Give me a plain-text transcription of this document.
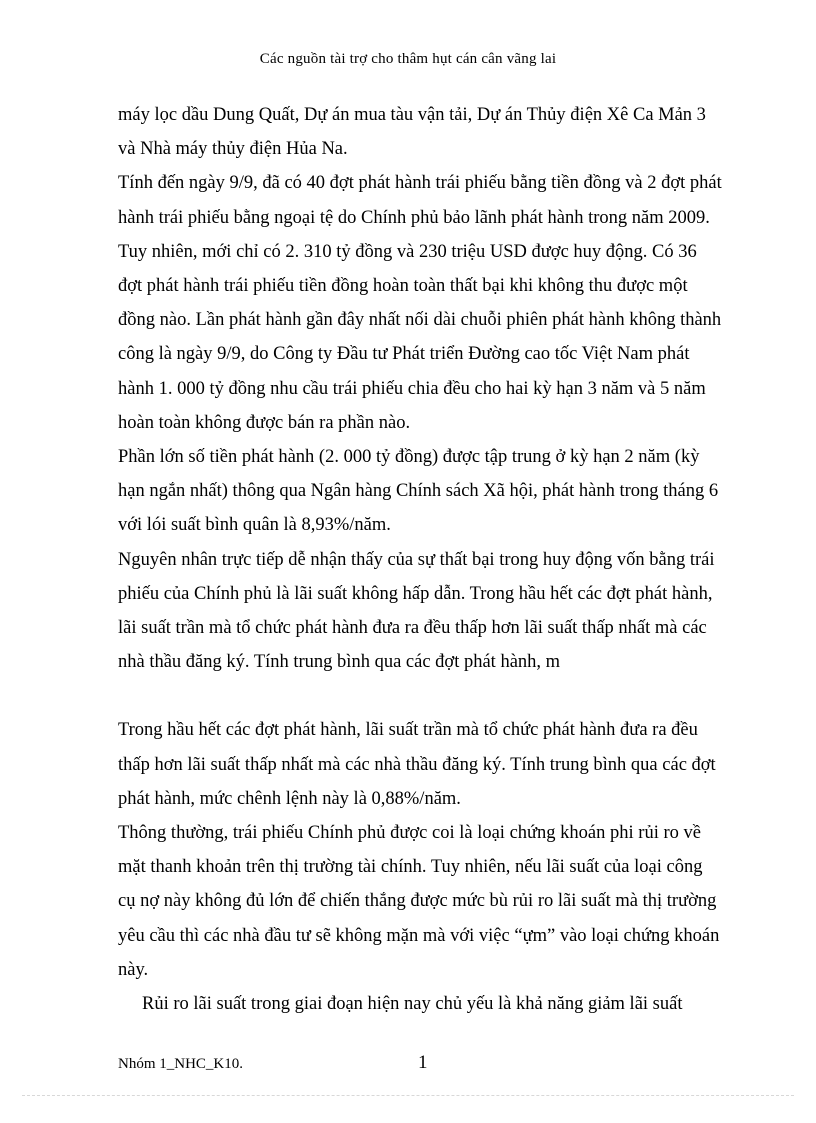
Các nguồn tài trợ cho thâm hụt cán cân vãng lai

máy lọc dầu Dung Quất, Dự án mua tàu vận tải, Dự án Thủy điện Xê Ca Mản 3 và Nhà máy thủy điện Hủa Na.

Tính đến ngày 9/9, đã có 40 đợt phát hành trái phiếu bằng tiền đồng và 2 đợt phát hành trái phiếu bằng ngoại tệ do Chính phủ bảo lãnh phát hành trong năm 2009. Tuy nhiên, mới chỉ có 2. 310 tỷ đồng và 230 triệu USD được huy động. Có 36 đợt phát hành trái phiếu tiền đồng hoàn toàn thất bại khi không thu được một đồng nào. Lần phát hành gần đây nhất nối dài chuỗi phiên phát hành không thành công là ngày 9/9, do Công ty Đầu tư Phát triển Đường cao tốc Việt Nam phát hành 1. 000 tỷ đồng nhu cầu trái phiếu chia đều cho hai kỳ hạn 3 năm và 5 năm hoàn toàn không được bán ra phần nào.

Phần lớn số tiền phát hành (2. 000 tỷ đồng) được tập trung ở kỳ hạn 2 năm (kỳ hạn ngắn nhất) thông qua Ngân hàng Chính sách Xã hội, phát hành trong tháng 6 với lói suất bình quân là 8,93%/năm.

Nguyên nhân trực tiếp dễ nhận thấy của sự thất bại trong huy động vốn bằng trái phiếu của Chính phủ là lãi suất không hấp dẫn. Trong hầu hết các đợt phát hành, lãi suất trần mà tổ chức phát hành đưa ra đều thấp hơn lãi suất thấp nhất mà các nhà thầu đăng ký. Tính trung bình qua các đợt phát hành, m

Trong hầu hết các đợt phát hành, lãi suất trần mà tổ chức phát hành đưa ra đều thấp hơn lãi suất thấp nhất mà các nhà thầu đăng ký. Tính trung bình qua các đợt phát hành, mức chênh lệnh này là 0,88%/năm.

Thông thường, trái phiếu Chính phủ được coi là loại chứng khoán phi rủi ro về mặt thanh khoản trên thị trường tài chính. Tuy nhiên, nếu lãi suất của loại công cụ nợ này không đủ lớn để chiến thắng được mức bù rủi ro lãi suất mà thị trường yêu cầu thì các nhà đầu tư sẽ không mặn mà với việc “ựm” vào loại chứng khoán này.

Rủi ro lãi suất trong giai đoạn hiện nay chủ yếu là khả năng giảm lãi suất

Nhóm 1_NHC_K10.	1
